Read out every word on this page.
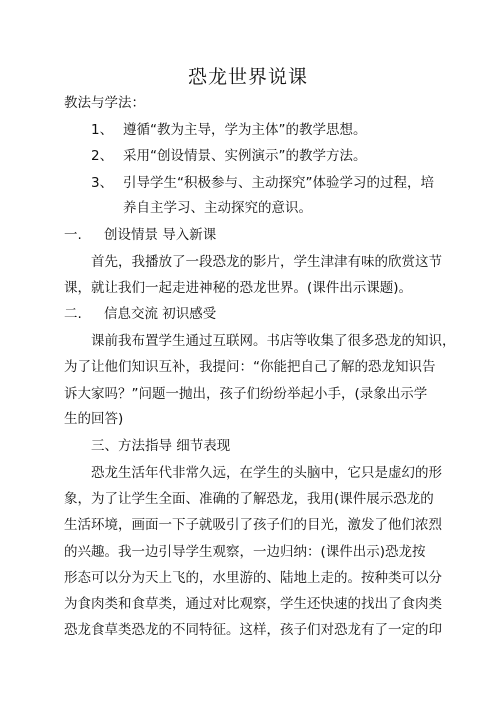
恐龙世界说课
教法与学法：
1、 遵循“教为主导，学为主体”的教学思想。
2、 采用“创设情景、实例演示”的教学方法。
3、 引导学生“积极参与、主动探究”体验学习的过程，培
养自主学习、主动探究的意识。
一. 创设情景 导入新课
首先，我播放了一段恐龙的影片，学生津津有味的欣赏这节
课，就让我们一起走进神秘的恐龙世界。(课件出示课题)。
二. 信息交流 初识感受
课前我布置学生通过互联网。书店等收集了很多恐龙的知识，
为了让他们知识互补，我提问：“你能把自己了解的恐龙知识告
诉大家吗？”问题一抛出，孩子们纷纷举起小手，(录象出示学
生的回答)
三、方法指导 细节表现
恐龙生活年代非常久远，在学生的头脑中，它只是虚幻的形
象，为了让学生全面、准确的了解恐龙，我用(课件展示恐龙的
生活环境，画面一下子就吸引了孩子们的目光，激发了他们浓烈
的兴趣。我一边引导学生观察，一边归纳：(课件出示)恐龙按
形态可以分为天上飞的，水里游的、陆地上走的。按种类可以分
为食肉类和食草类，通过对比观察，学生还快速的找出了食肉类
恐龙食草类恐龙的不同特征。这样，孩子们对恐龙有了一定的印
